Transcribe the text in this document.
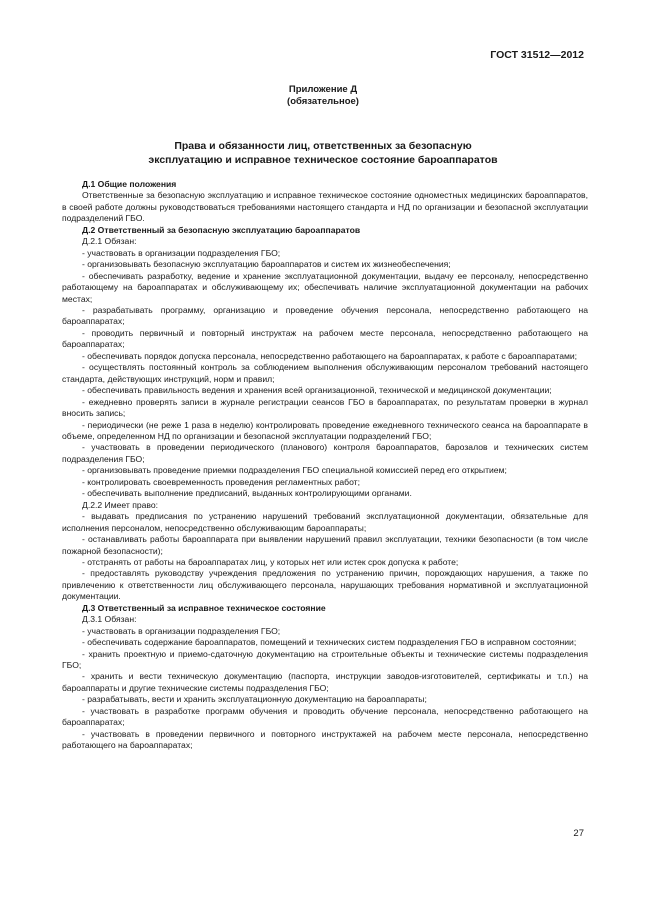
ГОСТ 31512—2012
Приложение Д
(обязательное)
Права и обязанности лиц, ответственных за безопасную
эксплуатацию и исправное техническое состояние бароаппаратов

Д.1 Общие положения

Ответственные за безопасную эксплуатацию и исправное техническое состояние одноместных медицинских бароаппаратов, в своей работе должны руководствоваться требованиями настоящего стандарта и НД по организации и безопасной эксплуатации подразделений ГБО.

Д.2 Ответственный за безопасную эксплуатацию бароаппаратов

Д.2.1 Обязан:

- участвовать в организации подразделения ГБО;

- организовывать безопасную эксплуатацию бароаппаратов и систем их жизнеобеспечения;

- обеспечивать разработку, ведение и хранение эксплуатационной документации, выдачу ее персоналу, непосредственно работающему на бароаппаратах и обслуживающему их; обеспечивать наличие эксплуатационной документации на рабочих местах;

- разрабатывать программу, организацию и проведение обучения персонала, непосредственно работающего на бароаппаратах;

- проводить первичный и повторный инструктаж на рабочем месте персонала, непосредственно работающего на бароаппаратах;

- обеспечивать порядок допуска персонала, непосредственно работающего на бароаппаратах, к работе с бароаппаратами;

- осуществлять постоянный контроль за соблюдением выполнения обслуживающим персоналом требований настоящего стандарта, действующих инструкций, норм и правил;

- обеспечивать правильность ведения и хранения всей организационной, технической и медицинской документации;

- ежедневно проверять записи в журнале регистрации сеансов ГБО в бароаппаратах, по результатам проверки в журнал вносить запись;

- периодически (не реже 1 раза в неделю) контролировать проведение ежедневного технического сеанса на бароаппарате в объеме, определенном НД по организации и безопасной эксплуатации подразделений ГБО;

- участвовать в проведении периодического (планового) контроля бароаппаратов, барозалов и технических систем подразделения ГБО;

- организовывать проведение приемки подразделения ГБО специальной комиссией перед его открытием;

- контролировать своевременность проведения регламентных работ;

- обеспечивать выполнение предписаний, выданных контролирующими органами.

Д.2.2 Имеет право:

- выдавать предписания по устранению нарушений требований эксплуатационной документации, обязательные для исполнения персоналом, непосредственно обслуживающим бароаппараты;

- останавливать работы бароаппарата при выявлении нарушений правил эксплуатации, техники безопасности (в том числе пожарной безопасности);

- отстранять от работы на бароаппаратах лиц, у которых нет или истек срок допуска к работе;

- предоставлять руководству учреждения предложения по устранению причин, порождающих нарушения, а также по привлечению к ответственности лиц обслуживающего персонала, нарушающих требования нормативной и эксплуатационной документации.

Д.3 Ответственный за исправное техническое состояние

Д.3.1 Обязан:

- участвовать в организации подразделения ГБО;

- обеспечивать содержание бароаппаратов, помещений и технических систем подразделения ГБО в исправном состоянии;

- хранить проектную и приемо-сдаточную документацию на строительные объекты и технические системы подразделения ГБО;

- хранить и вести техническую документацию (паспорта, инструкции заводов-изготовителей, сертификаты и т.п.) на бароаппараты и другие технические системы подразделения ГБО;

- разрабатывать, вести и хранить эксплуатационную документацию на бароаппараты;

- участвовать в разработке программ обучения и проводить обучение персонала, непосредственно работающего на бароаппаратах;

- участвовать в проведении первичного и повторного инструктажей на рабочем месте персонала, непосредственно работающего на бароаппаратах;

27
